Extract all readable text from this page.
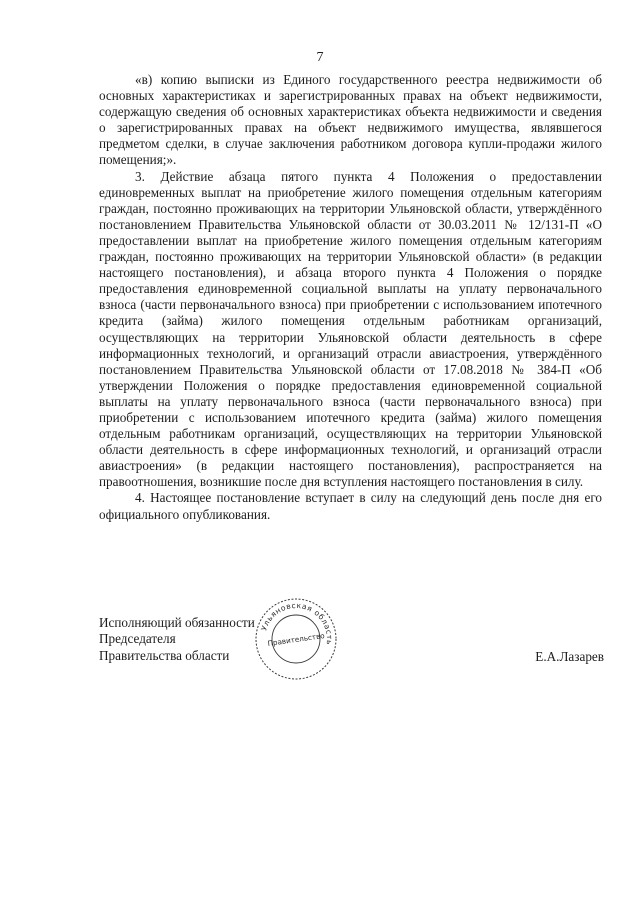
7

«в) копию выписки из Единого государственного реестра недвижимости об основных характеристиках и зарегистрированных правах на объект недвижимости, содержащую сведения об основных характеристиках объекта недвижимости и сведения о зарегистрированных правах на объект недвижимого имущества, являвшегося предметом сделки, в случае заключения работником договора купли-продажи жилого помещения;».

3. Действие абзаца пятого пункта 4 Положения о предоставлении единовременных выплат на приобретение жилого помещения отдельным категориям граждан, постоянно проживающих на территории Ульяновской области, утверждённого постановлением Правительства Ульяновской области от 30.03.2011 № 12/131-П «О предоставлении выплат на приобретение жилого помещения отдельным категориям граждан, постоянно проживающих на территории Ульяновской области» (в редакции настоящего постановления), и абзаца второго пункта 4 Положения о порядке предоставления единовременной социальной выплаты на уплату первоначального взноса (части первоначального взноса) при приобретении с использованием ипотечного кредита (займа) жилого помещения отдельным работникам организаций, осуществляющих на территории Ульяновской области деятельность в сфере информационных технологий, и организаций отрасли авиастроения, утверждённого постановлением Правительства Ульяновской области от 17.08.2018 № 384-П «Об утверждении Положения о порядке предоставления единовременной социальной выплаты на уплату первоначального взноса (части первоначального взноса) при приобретении с использованием ипотечного кредита (займа) жилого помещения отдельным работникам организаций, осуществляющих на территории Ульяновской области деятельность в сфере информационных технологий, и организаций отрасли авиастроения» (в редакции настоящего постановления), распространяется на правоотношения, возникшие после дня вступления настоящего постановления в силу.

4. Настоящее постановление вступает в силу на следующий день после дня его официального опубликования.

Исполняющий обязанности
Председателя
Правительства области	Е.А.Лазарев
Ульяновская область
Правительство
